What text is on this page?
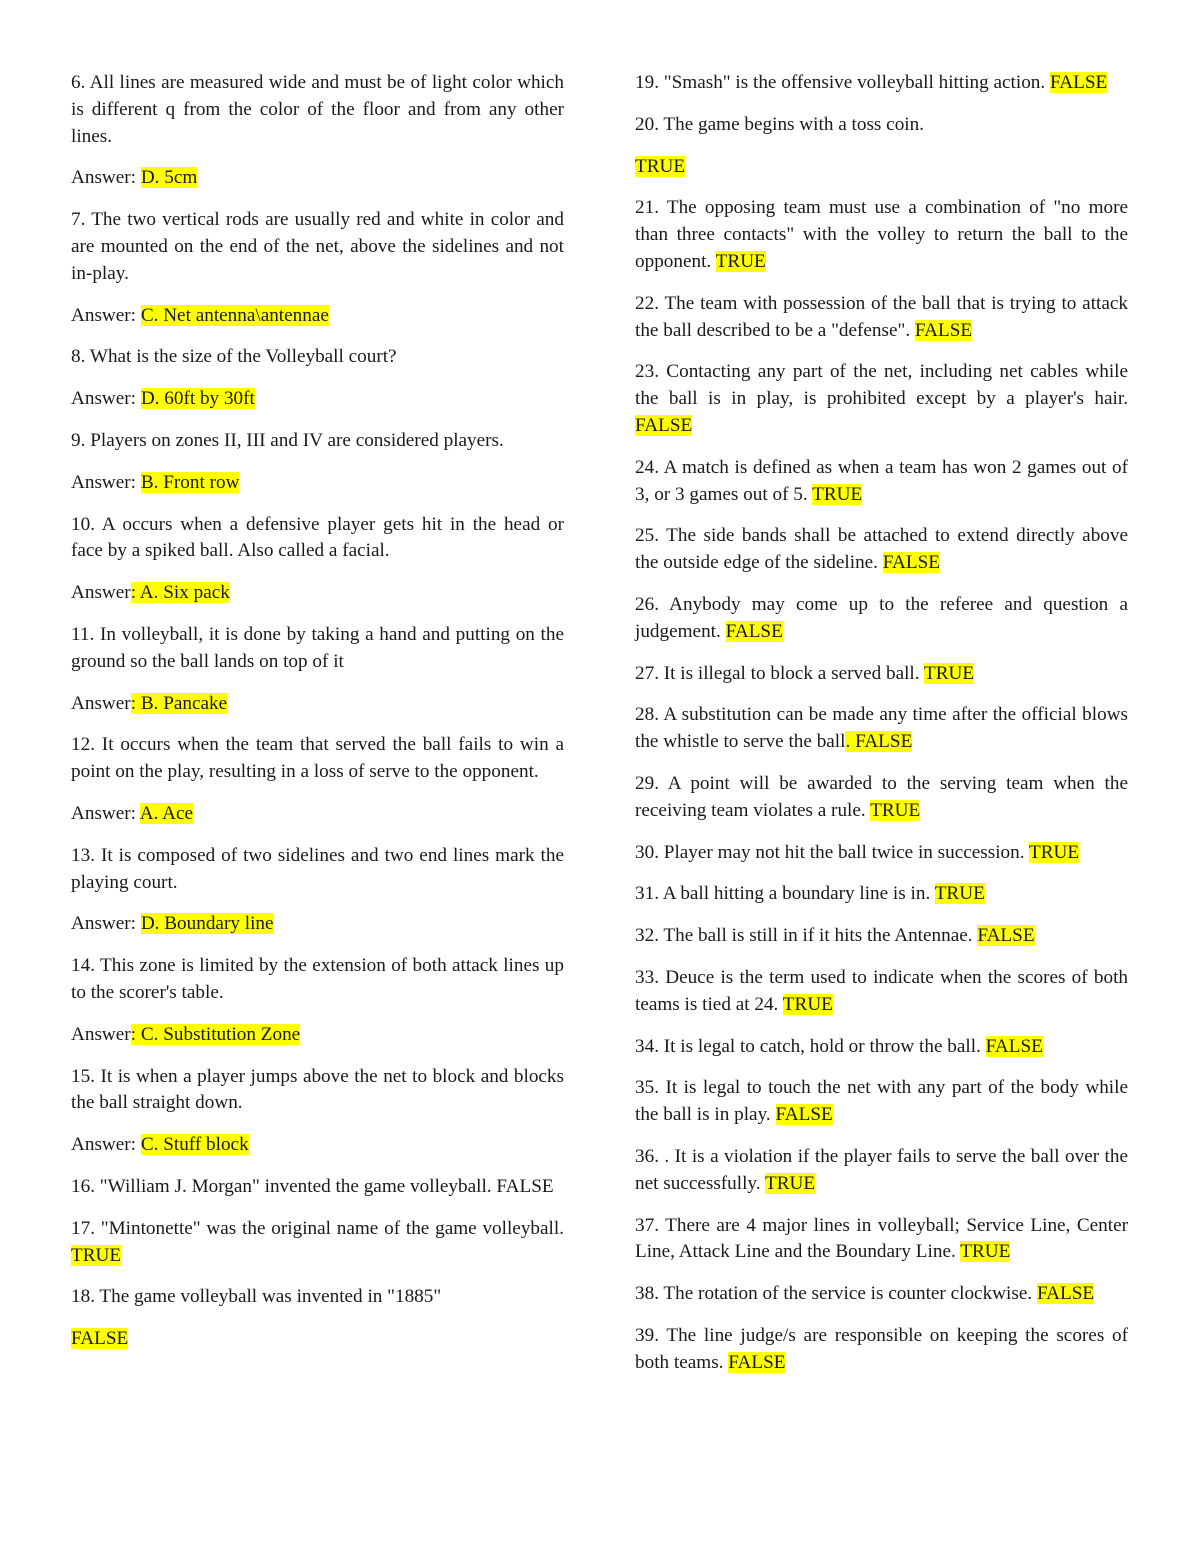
6. All lines are measured wide and must be of light color which is different q from the color of the floor and from any other lines.

Answer: D. 5cm

7. The two vertical rods are usually red and white in color and are mounted on the end of the net, above the sidelines and not in-play.

Answer: C. Net antenna\antennae

8. What is the size of the Volleyball court?

Answer: D. 60ft by 30ft

9. Players on zones II, III and IV are considered players.

Answer: B. Front row

10. A occurs when a defensive player gets hit in the head or face by a spiked ball. Also called a facial.

Answer: A. Six pack

11. In volleyball, it is done by taking a hand and putting on the ground so the ball lands on top of it

Answer: B. Pancake

12. It occurs when the team that served the ball fails to win a point on the play, resulting in a loss of serve to the opponent.

Answer: A. Ace

13. It is composed of two sidelines and two end lines mark the playing court.

Answer: D. Boundary line

14. This zone is limited by the extension of both attack lines up to the scorer's table.

Answer: C. Substitution Zone

15. It is when a player jumps above the net to block and blocks the ball straight down.

Answer: C. Stuff block

16. "William J. Morgan" invented the game volleyball. FALSE

17. "Mintonette" was the original name of the game volleyball. TRUE

18. The game volleyball was invented in "1885"

FALSE

19. "Smash" is the offensive volleyball hitting action. FALSE

20. The game begins with a toss coin.

TRUE

21. The opposing team must use a combination of "no more than three contacts" with the volley to return the ball to the opponent. TRUE

22. The team with possession of the ball that is trying to attack the ball described to be a "defense". FALSE

23. Contacting any part of the net, including net cables while the ball is in play, is prohibited except by a player's hair. FALSE

24. A match is defined as when a team has won 2 games out of 3, or 3 games out of 5. TRUE

25. The side bands shall be attached to extend directly above the outside edge of the sideline. FALSE

26. Anybody may come up to the referee and question a judgement. FALSE

27. It is illegal to block a served ball. TRUE

28. A substitution can be made any time after the official blows the whistle to serve the ball. FALSE

29. A point will be awarded to the serving team when the receiving team violates a rule. TRUE

30. Player may not hit the ball twice in succession. TRUE

31. A ball hitting a boundary line is in. TRUE

32. The ball is still in if it hits the Antennae. FALSE

33. Deuce is the term used to indicate when the scores of both teams is tied at 24. TRUE

34. It is legal to catch, hold or throw the ball. FALSE

35. It is legal to touch the net with any part of the body while the ball is in play. FALSE

36. . It is a violation if the player fails to serve the ball over the net successfully. TRUE

37. There are 4 major lines in volleyball; Service Line, Center Line, Attack Line and the Boundary Line. TRUE

38. The rotation of the service is counter clockwise. FALSE

39. The line judge/s are responsible on keeping the scores of both teams. FALSE
